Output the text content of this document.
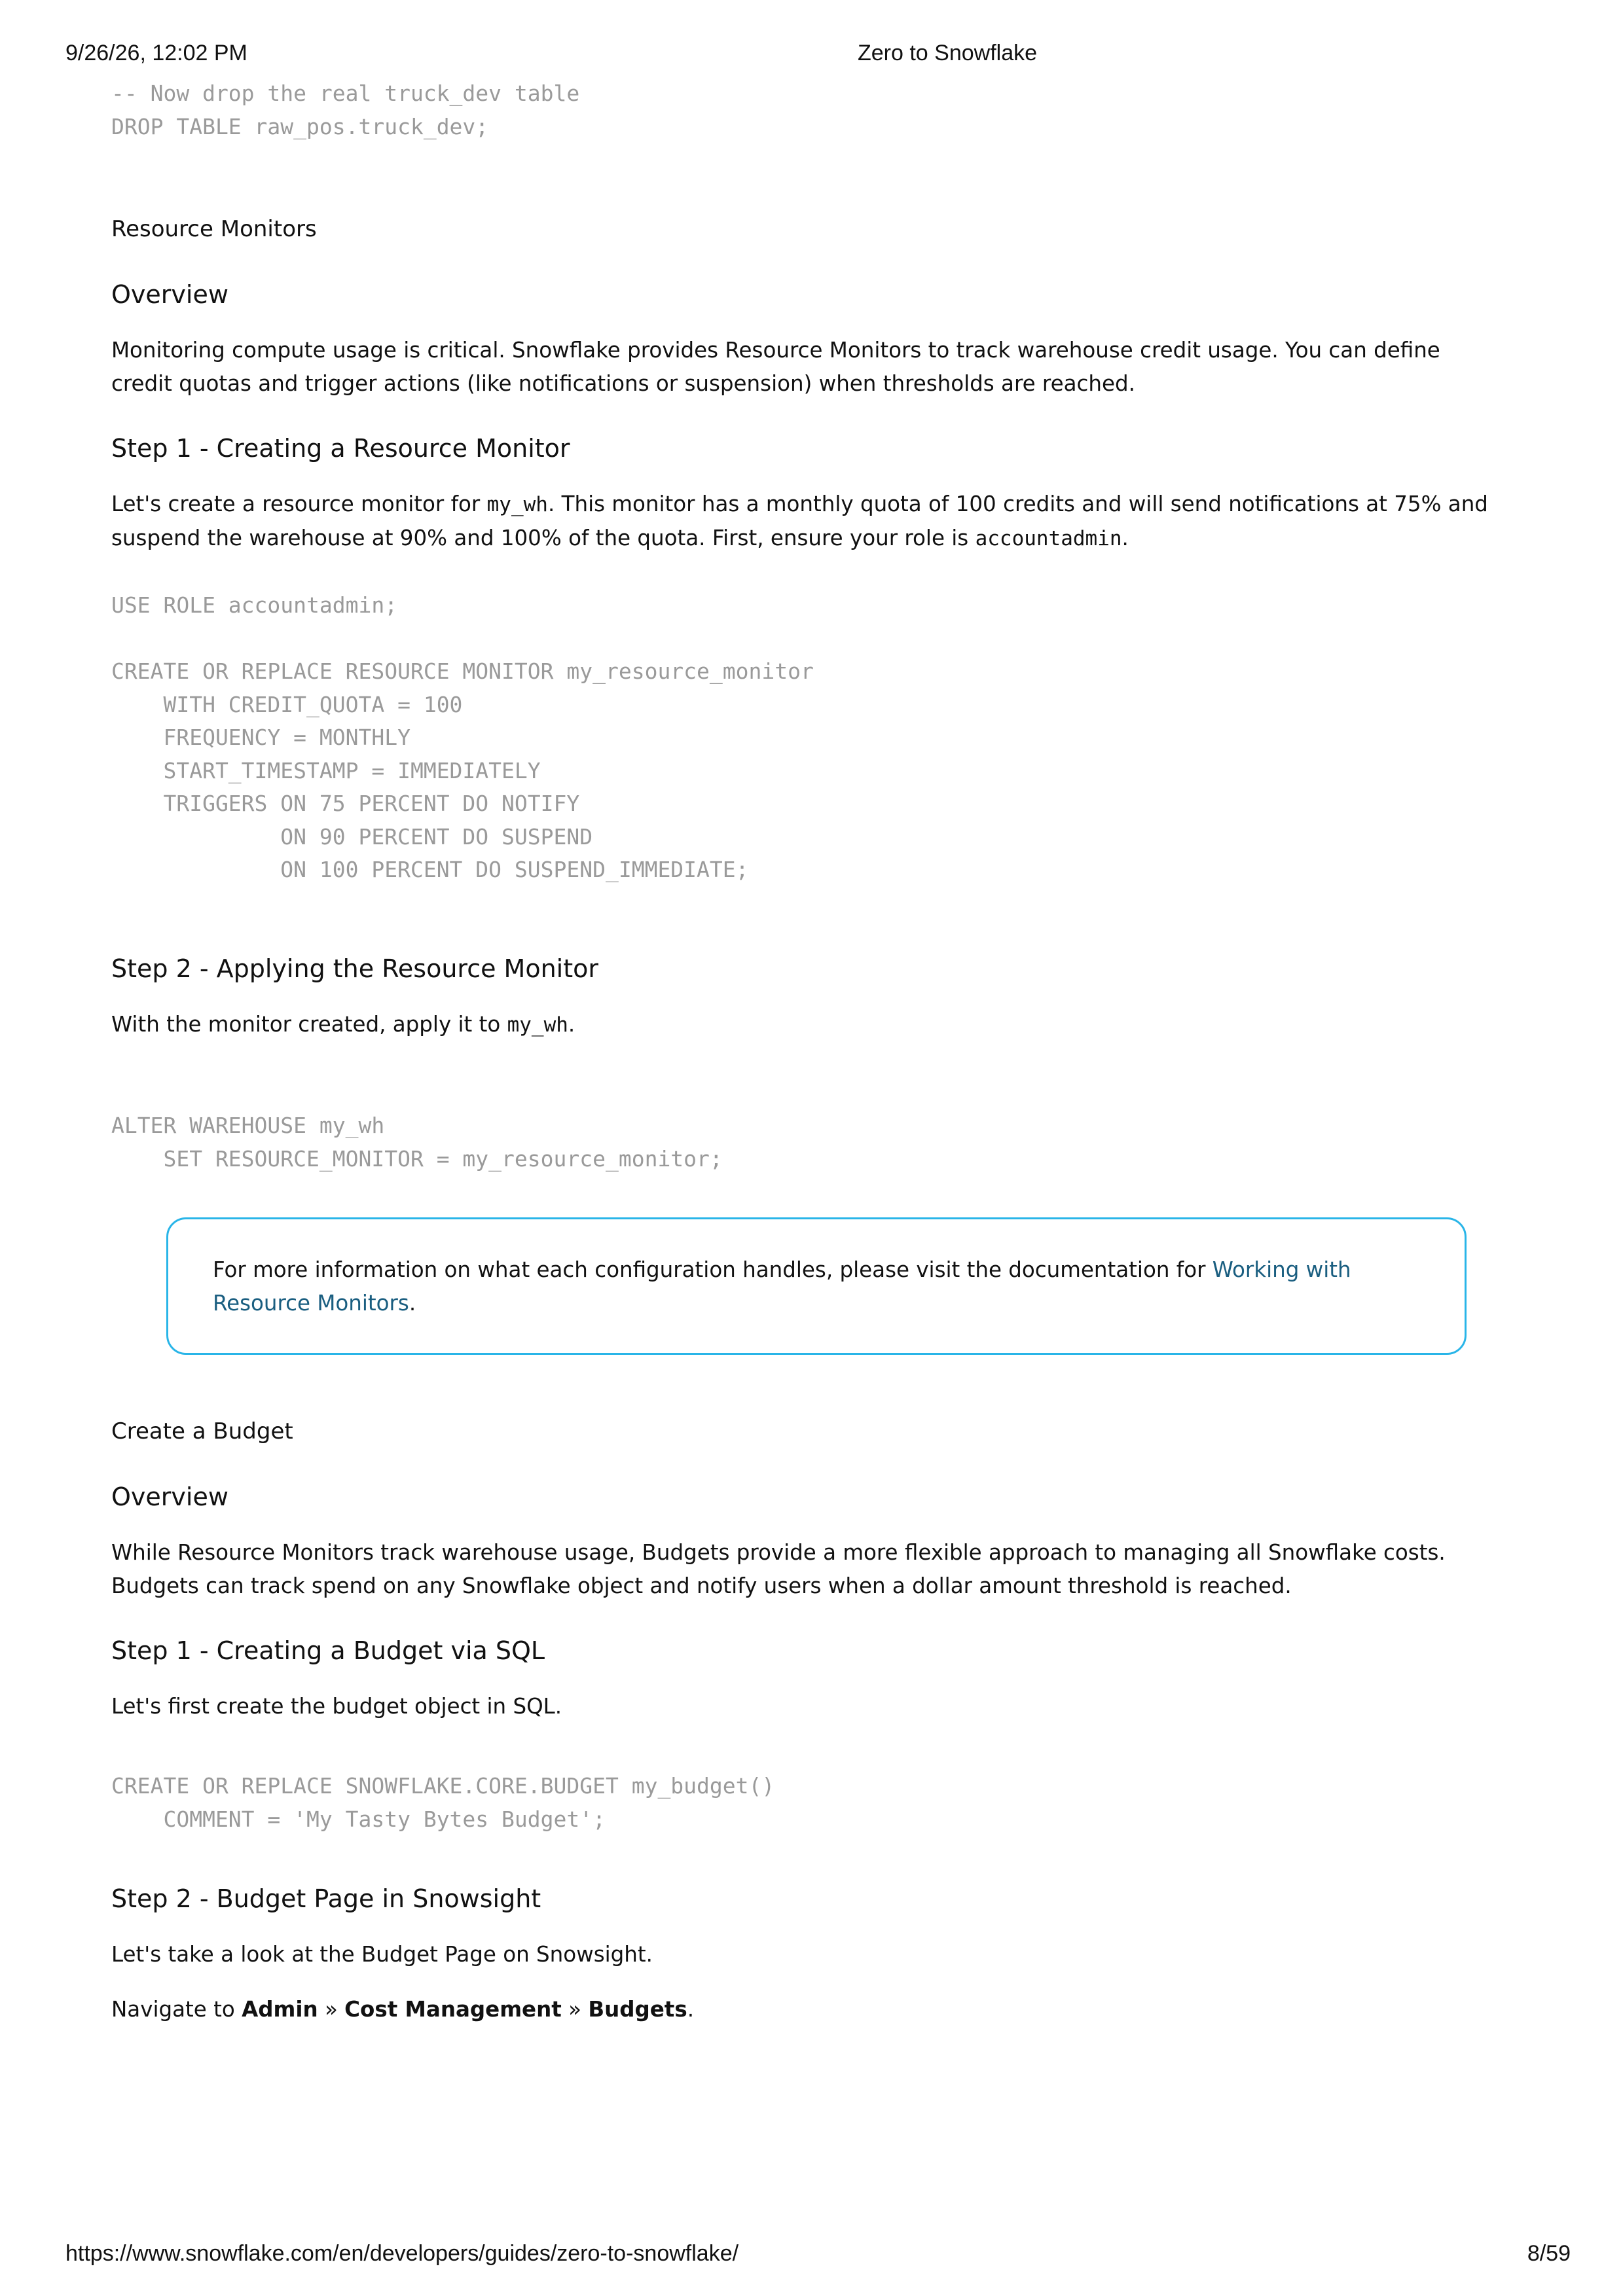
9/26/26, 12:02 PM	Zero to Snowflake
-- Now drop the real truck_dev table
DROP TABLE raw_pos.truck_dev;
Resource Monitors
Overview

Monitoring compute usage is critical. Snowflake provides Resource Monitors to track warehouse credit usage. You can define credit quotas and trigger actions (like notifications or suspension) when thresholds are reached.

Step 1 - Creating a Resource Monitor

Let's create a resource monitor for my_wh. This monitor has a monthly quota of 100 credits and will send notifications at 75% and suspend the warehouse at 90% and 100% of the quota. First, ensure your role is accountadmin.

USE ROLE accountadmin;

CREATE OR REPLACE RESOURCE MONITOR my_resource_monitor
WITH CREDIT_QUOTA = 100
FREQUENCY = MONTHLY
START_TIMESTAMP = IMMEDIATELY
TRIGGERS ON 75 PERCENT DO NOTIFY
ON 90 PERCENT DO SUSPEND
ON 100 PERCENT DO SUSPEND_IMMEDIATE;
Step 2 - Applying the Resource Monitor

With the monitor created, apply it to my_wh.

ALTER WAREHOUSE my_wh
SET RESOURCE_MONITOR = my_resource_monitor;

For more information on what each configuration handles, please visit the documentation for Working with Resource Monitors.

Create a Budget
Overview

While Resource Monitors track warehouse usage, Budgets provide a more flexible approach to managing all Snowflake costs. Budgets can track spend on any Snowflake object and notify users when a dollar amount threshold is reached.

Step 1 - Creating a Budget via SQL

Let's first create the budget object in SQL.

CREATE OR REPLACE SNOWFLAKE.CORE.BUDGET my_budget()
COMMENT = 'My Tasty Bytes Budget';
Step 2 - Budget Page in Snowsight

Let's take a look at the Budget Page on Snowsight.

Navigate to Admin » Cost Management » Budgets.

https://www.snowflake.com/en/developers/guides/zero-to-snowflake/	8/59
